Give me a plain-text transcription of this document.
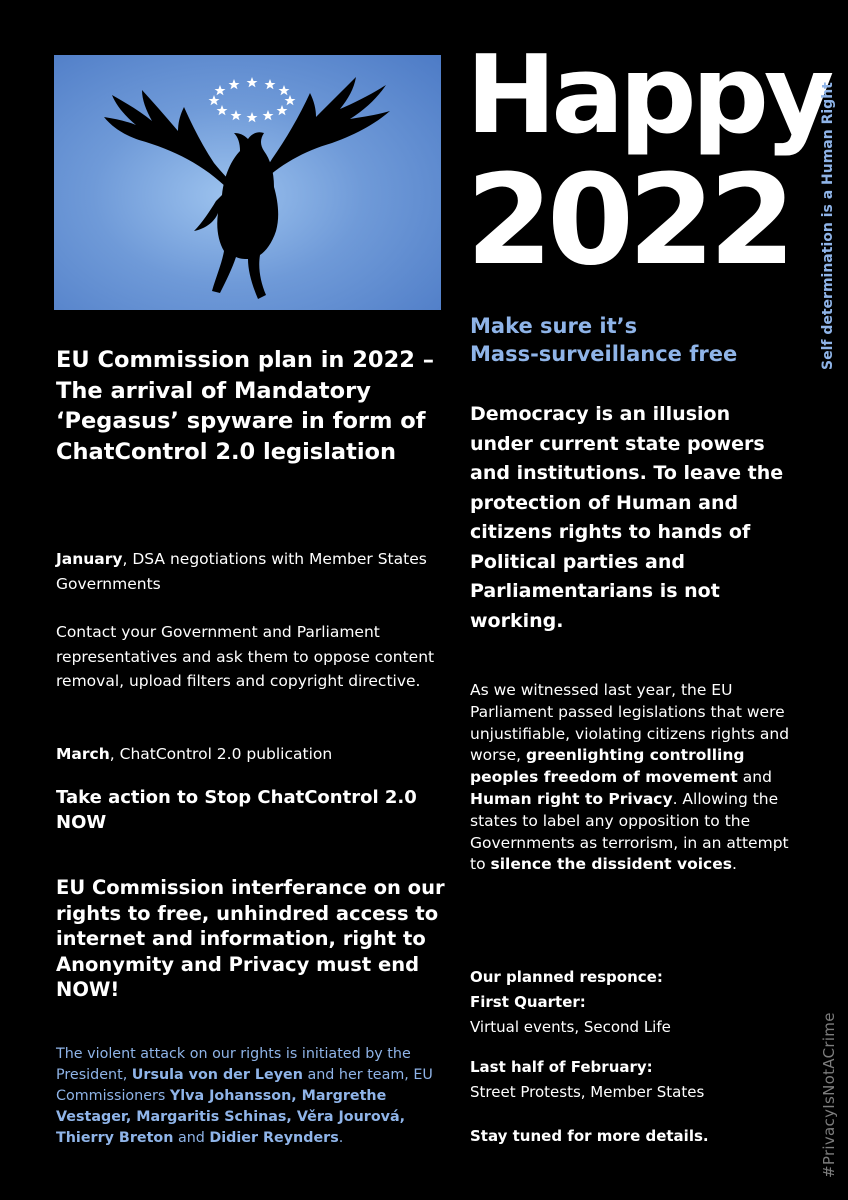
Happy
2022 Self determination is a Human Right
#PrivacyIsNotACrime

Make sure it’s

Mass-surveillance free

Democracy is an illusion under current state powers and institutions. To leave the protection of Human and citizens rights to hands of Political parties and Parliamentarians is not working.

As we witnessed last year, the EU Parliament passed legislations that were unjustifiable, violating citizens rights and worse, greenlighting controlling peoples freedom of movement and Human right to Privacy. Allowing the states to label any opposition to the Governments as terrorism, in an attempt to silence the dissident voices.

Our planned responce:

First Quarter:

Virtual events, Second Life

Last half of February:

Street Protests, Member States

Stay tuned for more details.

EU Commission plan in 2022 – The arrival of Mandatory ‘Pegasus’ spyware in form of ChatControl 2.0 legislation

January, DSA negotiations with Member States Governments

Contact your Government and Parliament representatives and ask them to oppose content removal, upload filters and copyright directive.

March, ChatControl 2.0 publication

Take action to Stop ChatControl 2.0 NOW

EU Commission interferance on our rights to free, unhindred access to internet and information, right to Anonymity and Privacy must end NOW!

The violent attack on our rights is initiated by the President, Ursula von der Leyen and her team, EU Commissioners Ylva Johansson, Margrethe Vestager, Margaritis Schinas, Věra Jourová, Thierry Breton and Didier Reynders.
